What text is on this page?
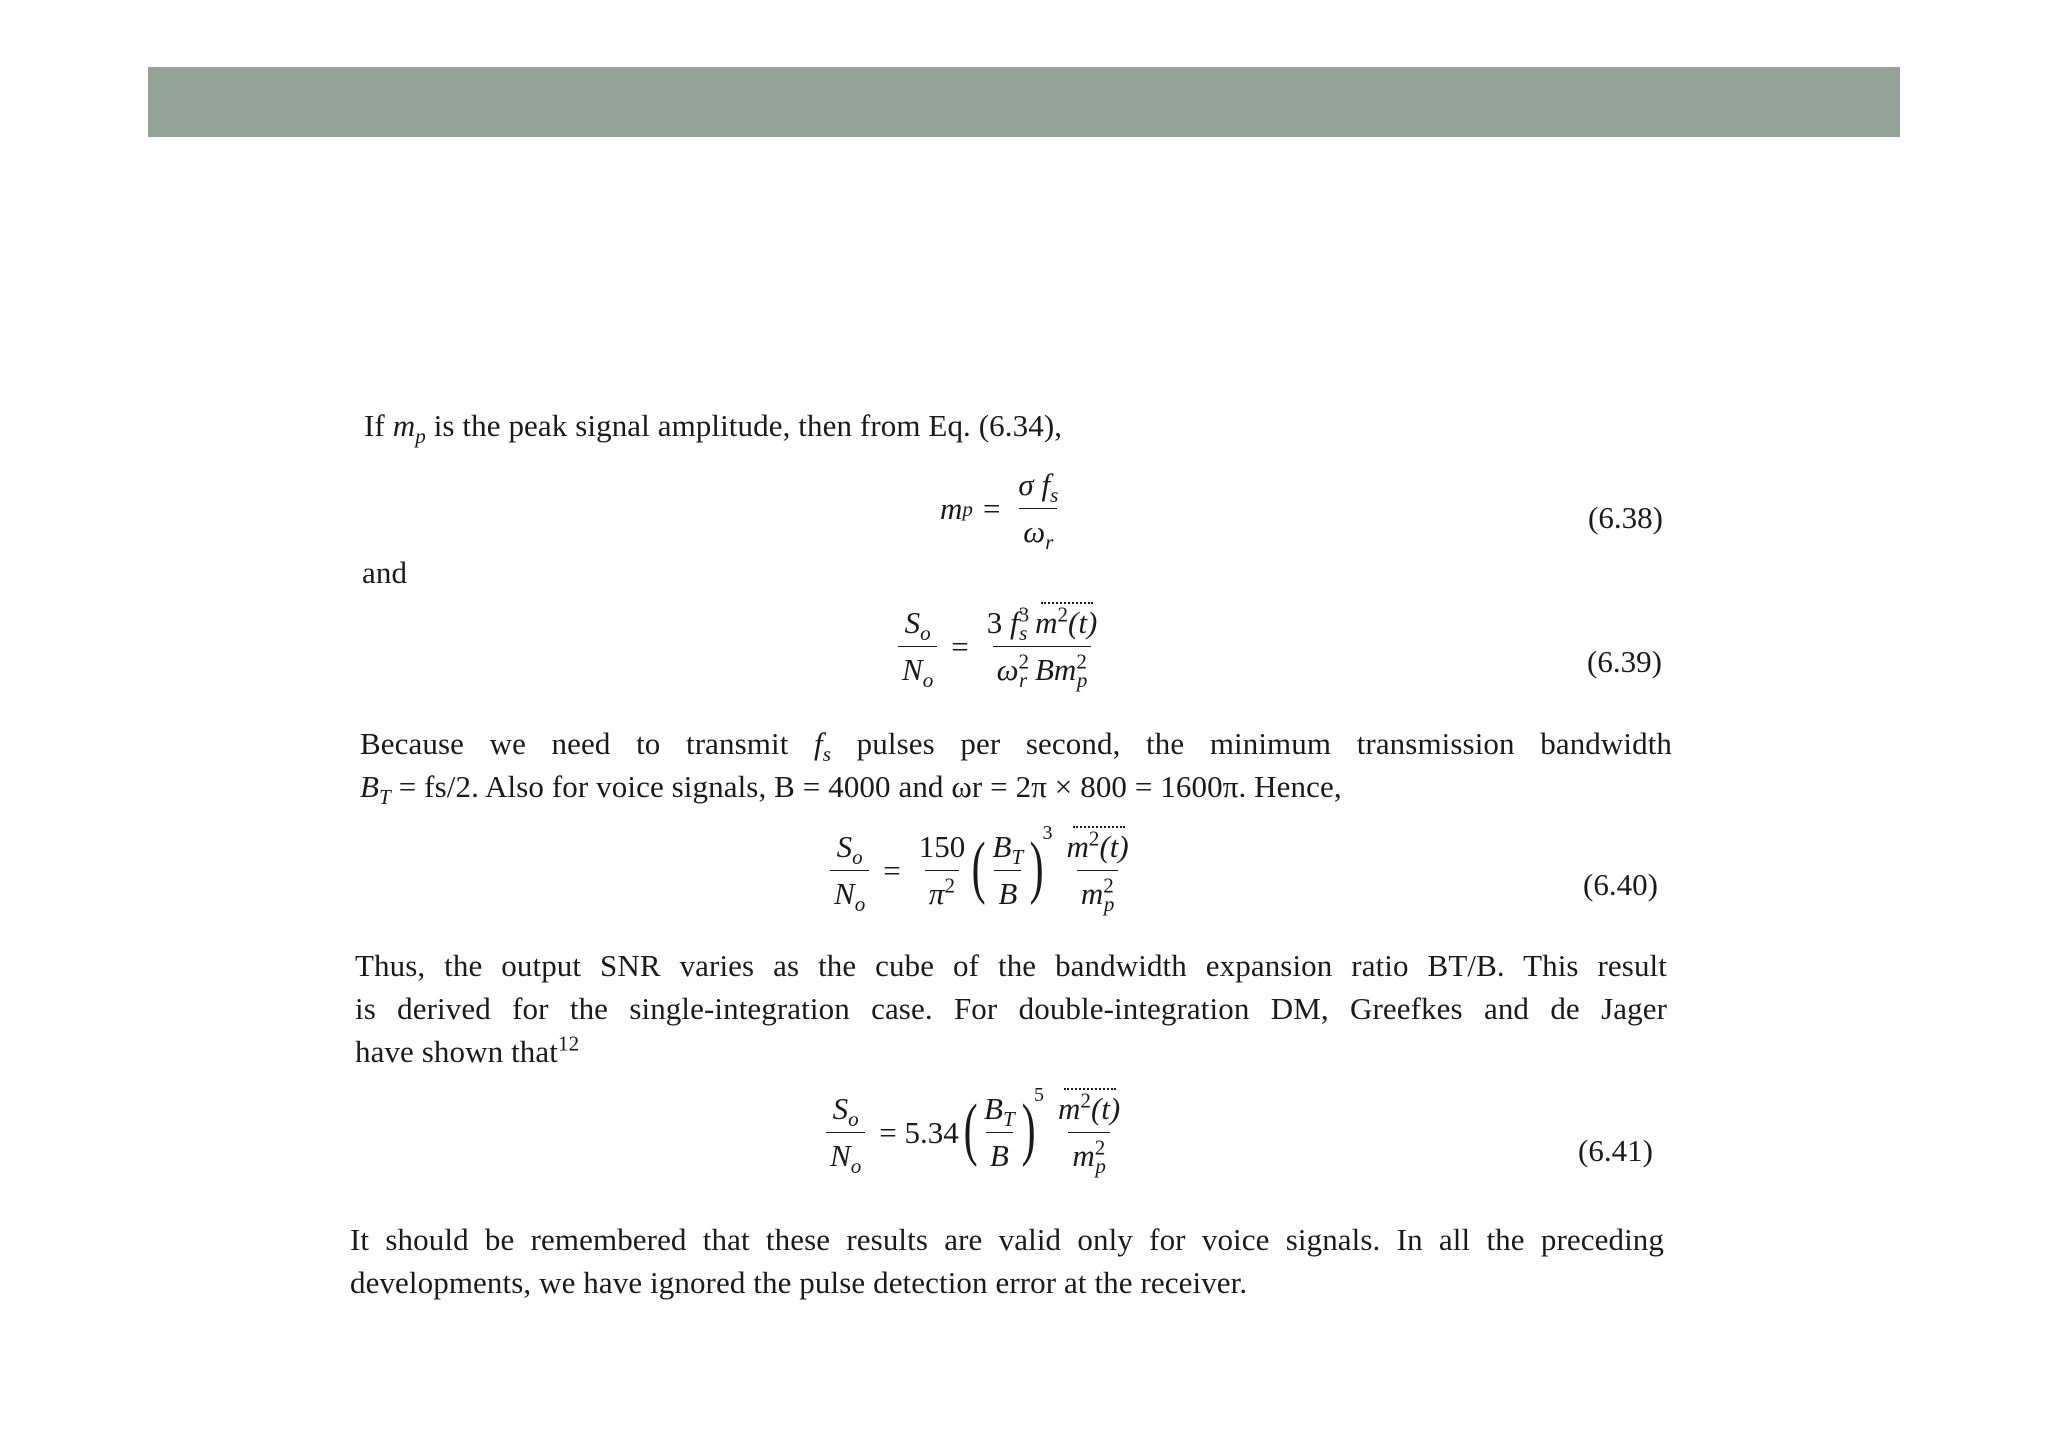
If $m_p$ is the peak signal amplitude, then from Eq. (6.34),
m $p = \frac{\sigma f_s}{\omega_r}$	(6.38)
and
$\frac{S_o}{N_o} = \frac{3 f^3_s m^2(t)}{\omega^2_r Bm^2_p}$	(6.39)
Because we need to transmit $f_s$ pulses per second, the minimum transmission bandwidth
$B_T = fs/2$. Also for voice signals, B = 4000 and ωr = 2π × 800 = 1600π. Hence,
$\frac{S_o}{N_o} = \frac{150}{\pi^2}$ ( $\frac{B_T}{B}$ )
$3 \frac{m^2(t)}{m^2_p}$	(6.40)
Thus, the output SNR varies as the cube of the bandwidth expansion ratio BT/B. This result
is derived for the single-integration case. For double-integration DM, Greefkes and de Jager
have shown that$^{12}$
$\frac{S_o}{N_o} = 5.34$ ( $\frac{B_T}{B}$ )
$5 \frac{m^2(t)}{m^2_p}$	(6.41)
It should be remembered that these results are valid only for voice signals. In all the preceding
developments, we have ignored the pulse detection error at the receiver.
